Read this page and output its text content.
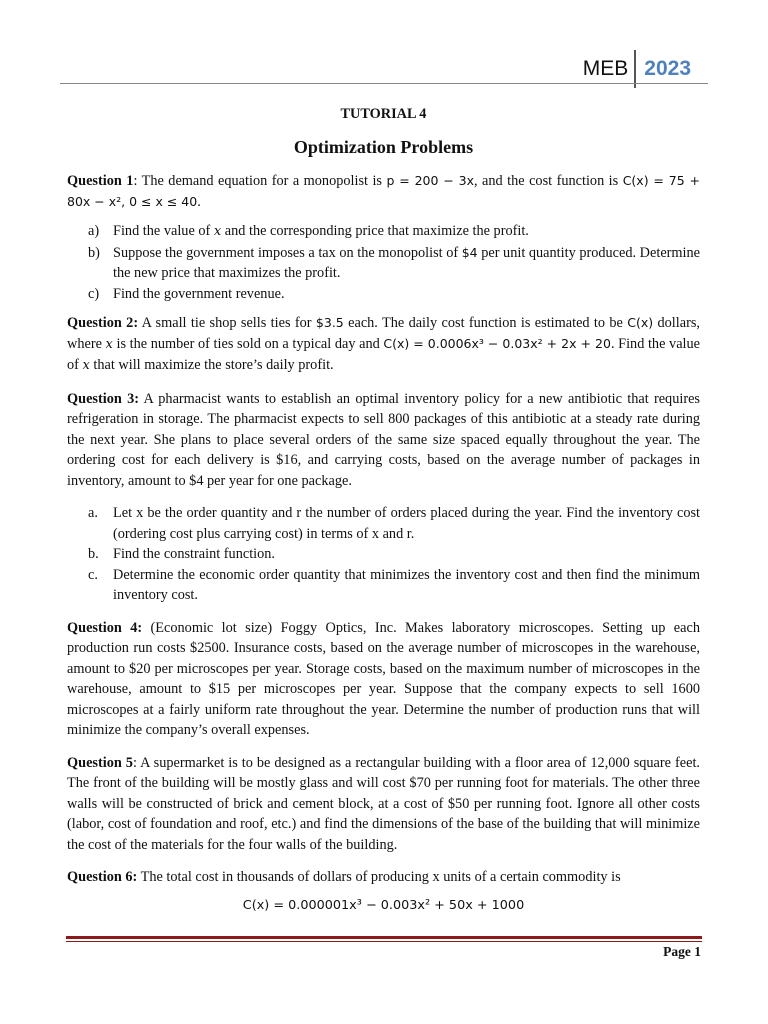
MEB 2023
TUTORIAL 4
Optimization Problems

Question 1: The demand equation for a monopolist is p = 200 − 3x, and the cost function is C(x) = 75 + 80x − x², 0 ≤ x ≤ 40.

a) Find the value of x and the corresponding price that maximize the profit.
b) Suppose the government imposes a tax on the monopolist of $4 per unit quantity produced. Determine the new price that maximizes the profit.
c) Find the government revenue.

Question 2: A small tie shop sells ties for $3.5 each. The daily cost function is estimated to be C(x) dollars, where x is the number of ties sold on a typical day and C(x) = 0.0006x³ − 0.03x² + 2x + 20. Find the value of x that will maximize the store’s daily profit.

Question 3: A pharmacist wants to establish an optimal inventory policy for a new antibiotic that requires refrigeration in storage. The pharmacist expects to sell 800 packages of this antibiotic at a steady rate during the next year. She plans to place several orders of the same size spaced equally throughout the year. The ordering cost for each delivery is $16, and carrying costs, based on the average number of packages in inventory, amount to $4 per year for one package.

a.	Let x be the order quantity and r the number of orders placed during the year. Find the inventory cost (ordering cost plus carrying cost) in terms of x and r.
b. Find the constraint function.
c.	Determine the economic order quantity that minimizes the inventory cost and then find the minimum inventory cost.

Question 4: (Economic lot size) Foggy Optics, Inc. Makes laboratory microscopes. Setting up each production run costs $2500. Insurance costs, based on the average number of microscopes in the warehouse, amount to $20 per microscopes per year. Storage costs, based on the maximum number of microscopes in the warehouse, amount to $15 per microscopes per year. Suppose that the company expects to sell 1600 microscopes at a fairly uniform rate throughout the year. Determine the number of production runs that will minimize the company’s overall expenses.

Question 5: A supermarket is to be designed as a rectangular building with a floor area of 12,000 square feet. The front of the building will be mostly glass and will cost $70 per running foot for materials. The other three walls will be constructed of brick and cement block, at a cost of $50 per running foot. Ignore all other costs (labor, cost of foundation and roof, etc.) and find the dimensions of the base of the building that will minimize the cost of the materials for the four walls of the building.

Question 6: The total cost in thousands of dollars of producing x units of a certain commodity is

C(x) = 0.000001x³ − 0.003x² + 50x + 1000
Page 1
